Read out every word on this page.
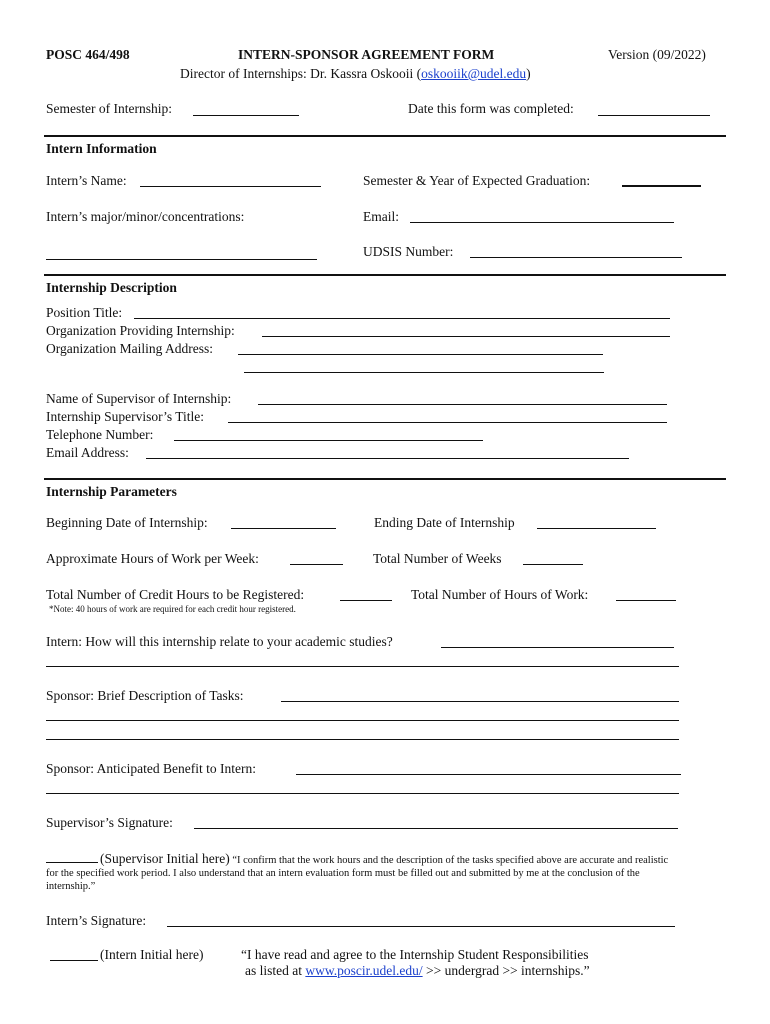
POSC 464/498	INTERN-SPONSOR AGREEMENT FORM	Version (09/2022)
Director of Internships: Dr. Kassra Oskooii (oskooiik@udel.edu)
Semester of Internship:	Date this form was completed:
Intern Information
Intern’s Name:	Semester & Year of Expected Graduation:
Intern’s major/minor/concentrations:	Email:
UDSIS Number:
Internship Description
Position Title:
Organization Providing Internship:
Organization Mailing Address:
Name of Supervisor of Internship:
Internship Supervisor’s Title:
Telephone Number:
Email Address:
Internship Parameters
Beginning Date of Internship:	Ending Date of Internship
Approximate Hours of Work per Week:	Total Number of Weeks
Total Number of Credit Hours to be Registered:	Total Number of Hours of Work:
*Note: 40 hours of work are required for each credit hour registered.
Intern: How will this internship relate to your academic studies?
Sponsor: Brief Description of Tasks:
Sponsor: Anticipated Benefit to Intern:
Supervisor’s Signature:
(Supervisor Initial here) “I confirm that the work hours and the description of the tasks specified above are accurate and realistic
for the specified work period. I also understand that an intern evaluation form must be filled out and submitted by me at the conclusion of the
internship.”
Intern’s Signature:
(Intern Initial here)	“I have read and agree to the Internship Student Responsibilities
as listed at www.poscir.udel.edu/ >> undergrad >> internships.”
